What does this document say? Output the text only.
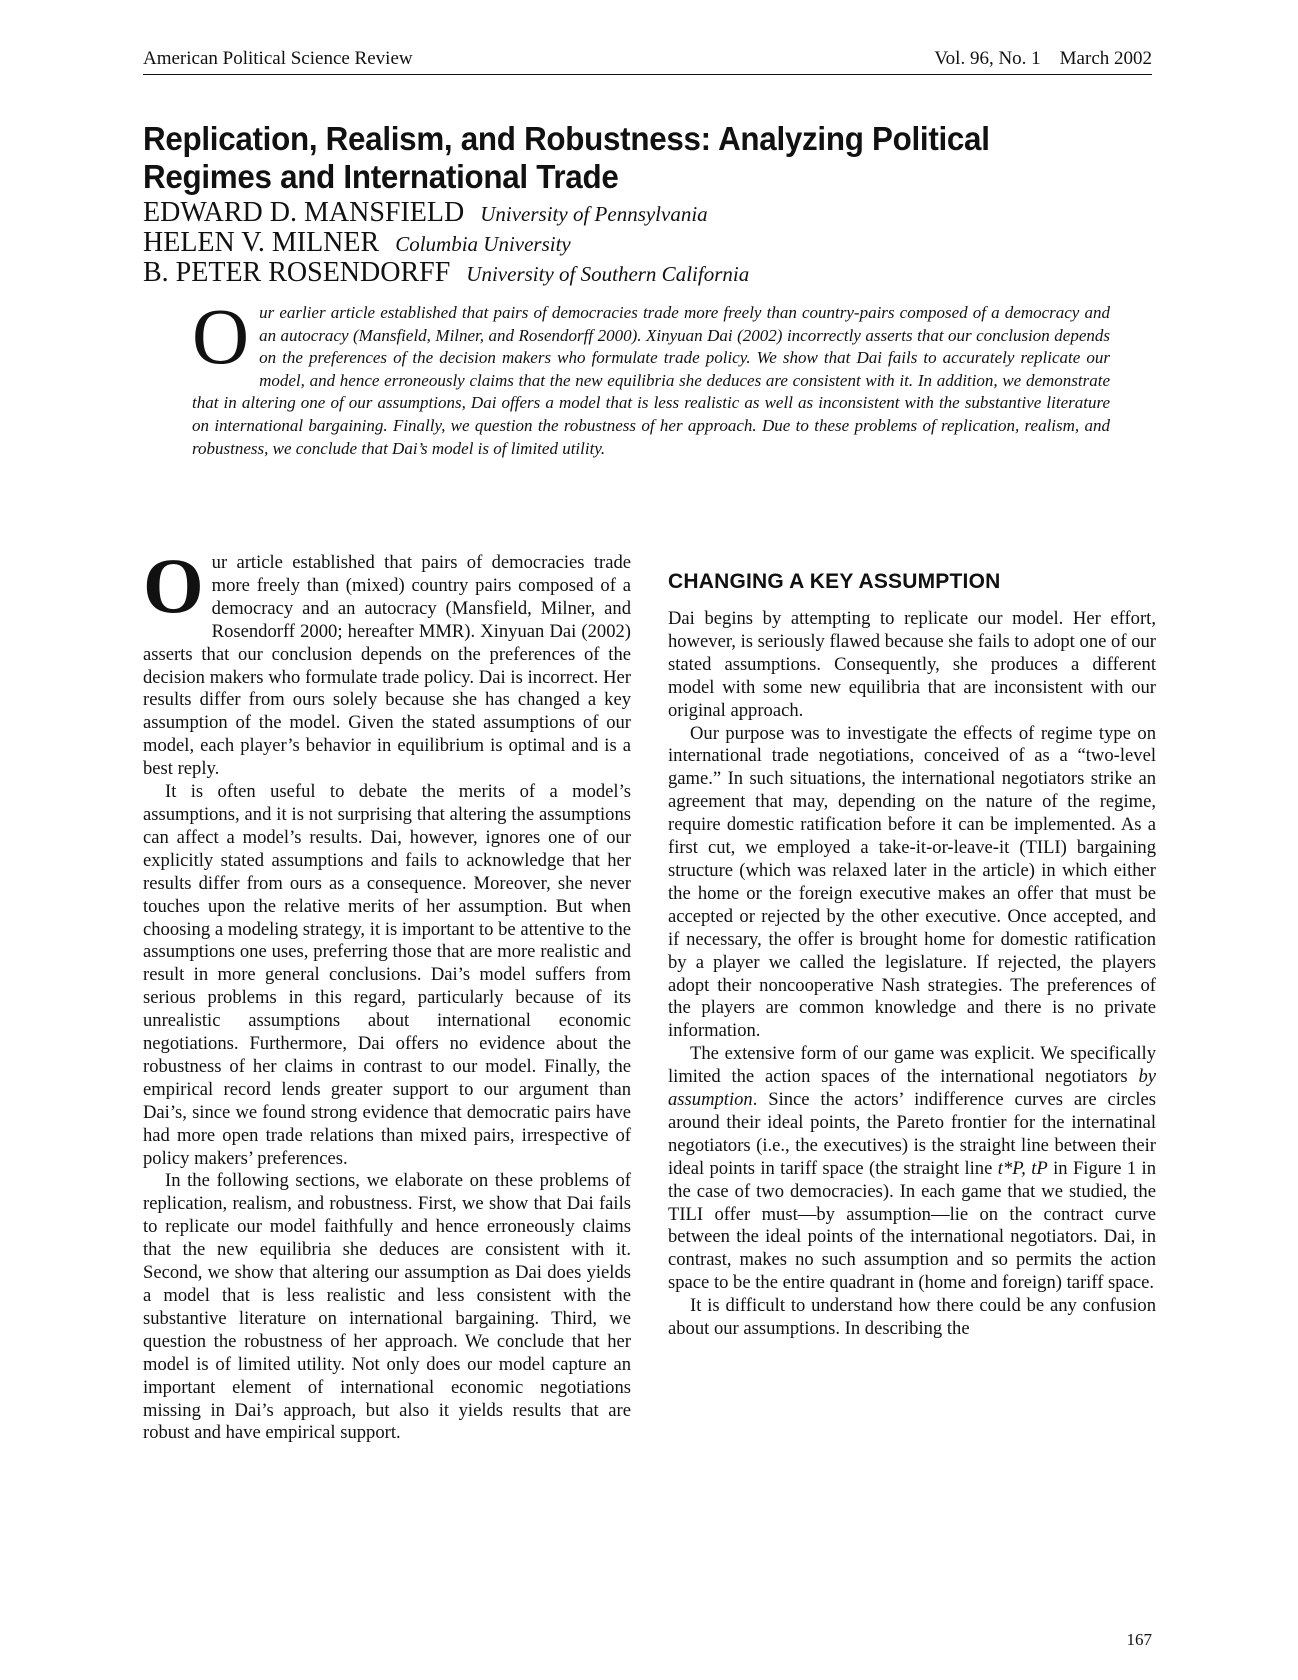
American Political Science Review	Vol. 96, No. 1    March 2002
Replication, Realism, and Robustness: Analyzing Political Regimes and International Trade
EDWARD D. MANSFIELD University of Pennsylvania
HELEN V. MILNER Columbia University
B. PETER ROSENDORFF University of Southern California
Our earlier article established that pairs of democracies trade more freely than country-pairs composed of a democracy and an autocracy (Mansfield, Milner, and Rosendorff 2000). Xinyuan Dai (2002) incorrectly asserts that our conclusion depends on the preferences of the decision makers who formulate trade policy. We show that Dai fails to accurately replicate our model, and hence erroneously claims that the new equilibria she deduces are consistent with it. In addition, we demonstrate that in altering one of our assumptions, Dai offers a model that is less realistic as well as inconsistent with the substantive literature on international bargaining. Finally, we question the robustness of her approach. Due to these problems of replication, realism, and robustness, we conclude that Dai’s model is of limited utility.

Our article established that pairs of democracies trade more freely than (mixed) country pairs composed of a democracy and an autocracy (Mansfield, Milner, and Rosendorff 2000; hereafter MMR). Xinyuan Dai (2002) asserts that our conclusion depends on the preferences of the decision makers who formulate trade policy. Dai is incorrect. Her results differ from ours solely because she has changed a key assumption of the model. Given the stated assumptions of our model, each player’s behavior in equilibrium is optimal and is a best reply.

It is often useful to debate the merits of a model’s assumptions, and it is not surprising that altering the assumptions can affect a model’s results. Dai, however, ignores one of our explicitly stated assumptions and fails to acknowledge that her results differ from ours as a consequence. Moreover, she never touches upon the relative merits of her assumption. But when choosing a modeling strategy, it is important to be attentive to the assumptions one uses, preferring those that are more realistic and result in more general conclusions. Dai’s model suffers from serious problems in this regard, particularly because of its unrealistic assumptions about international economic negotiations. Furthermore, Dai offers no evidence about the robustness of her claims in contrast to our model. Finally, the empirical record lends greater support to our argument than Dai’s, since we found strong evidence that democratic pairs have had more open trade relations than mixed pairs, irrespective of policy makers’ preferences.

In the following sections, we elaborate on these problems of replication, realism, and robustness. First, we show that Dai fails to replicate our model faithfully and hence erroneously claims that the new equilibria she deduces are consistent with it. Second, we show that altering our assumption as Dai does yields a model that is less realistic and less consistent with the substantive literature on international bargaining. Third, we question the robustness of her approach. We conclude that her model is of limited utility. Not only does our model capture an important element of international economic negotiations missing in Dai’s approach, but also it yields results that are robust and have empirical support.

CHANGING A KEY ASSUMPTION

Dai begins by attempting to replicate our model. Her effort, however, is seriously flawed because she fails to adopt one of our stated assumptions. Consequently, she produces a different model with some new equilibria that are inconsistent with our original approach.

Our purpose was to investigate the effects of regime type on international trade negotiations, conceived of as a “two-level game.” In such situations, the international negotiators strike an agreement that may, depending on the nature of the regime, require domestic ratification before it can be implemented. As a first cut, we employed a take-it-or-leave-it (TILI) bargaining structure (which was relaxed later in the article) in which either the home or the foreign executive makes an offer that must be accepted or rejected by the other executive. Once accepted, and if necessary, the offer is brought home for domestic ratification by a player we called the legislature. If rejected, the players adopt their noncooperative Nash strategies. The preferences of the players are common knowledge and there is no private information.

The extensive form of our game was explicit. We specifically limited the action spaces of the international negotiators by assumption. Since the actors’ indifference curves are circles around their ideal points, the Pareto frontier for the internatinal negotiators (i.e., the executives) is the straight line between their ideal points in tariff space (the straight line t*P, tP in Figure 1 in the case of two democracies). In each game that we studied, the TILI offer must—by assumption—lie on the contract curve between the ideal points of the international negotiators. Dai, in contrast, makes no such assumption and so permits the action space to be the entire quadrant in (home and foreign) tariff space.

It is difficult to understand how there could be any confusion about our assumptions. In describing the

167
